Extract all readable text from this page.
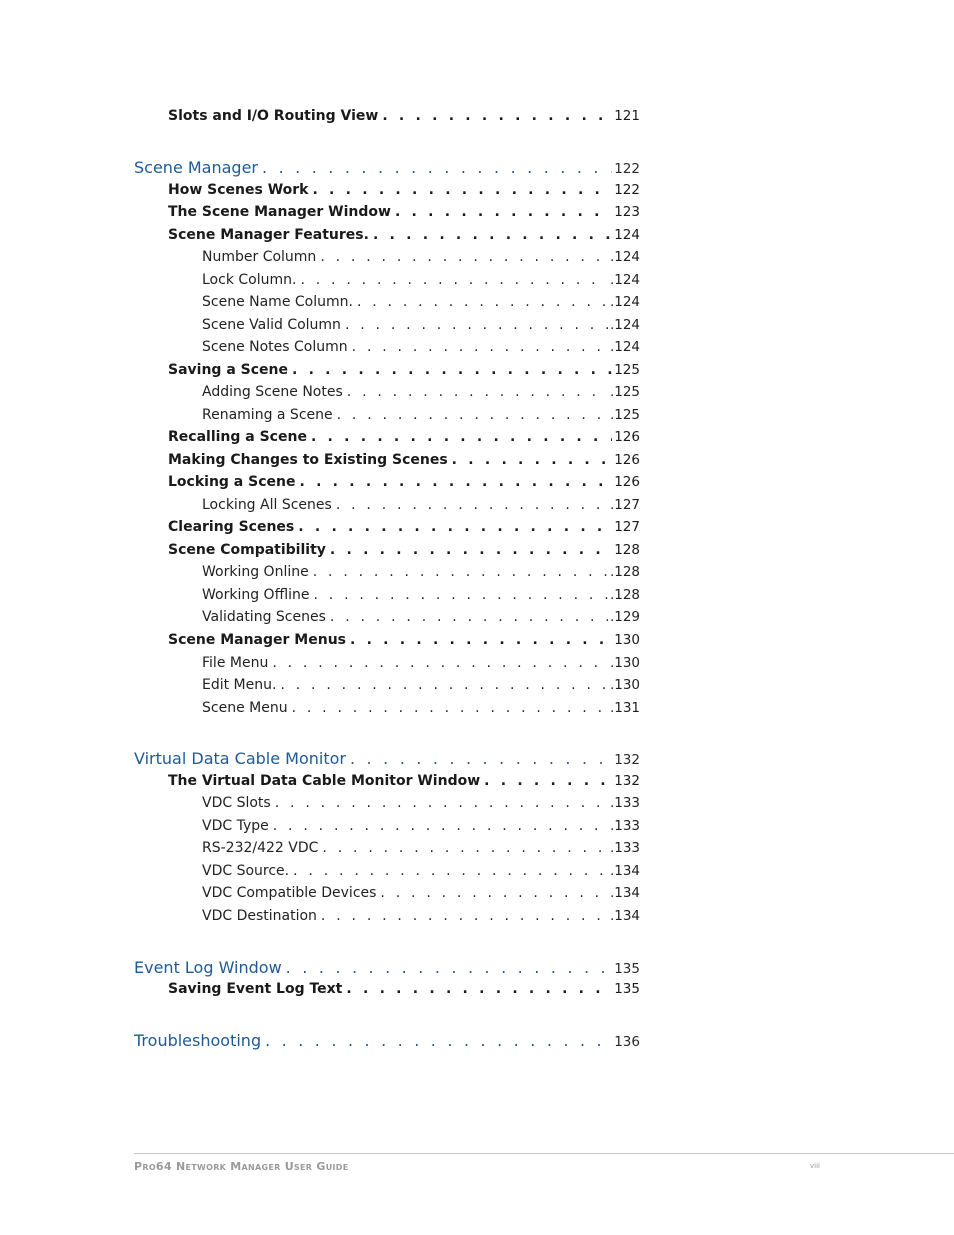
Slots and I/O Routing View . . .	121
Scene Manager . . .	122
How Scenes Work . . .	122
The Scene Manager Window . . .	123
Scene Manager Features. . . .	124
Number Column . . .	.124
Lock Column. . . .	.124
Scene Name Column. . . .	.124
Scene Valid Column . . .	.124
Scene Notes Column . . .	.124
Saving a Scene . . .	125
Adding Scene Notes . . .	.125
Renaming a Scene . . .	.125
Recalling a Scene . . .	126
Making Changes to Existing Scenes . . .	126
Locking a Scene . . .	126
Locking All Scenes . . .	.127
Clearing Scenes . . .	127
Scene Compatibility . . .	128
Working Online . . .	.128
Working Offline . . .	.128
Validating Scenes . . .	.129
Scene Manager Menus . . .	130
File Menu . . .	.130
Edit Menu. . . .	.130
Scene Menu . . .	.131
Virtual Data Cable Monitor . . .	132
The Virtual Data Cable Monitor Window . . .	132
VDC Slots . . .	.133
VDC Type . . .	.133
RS-232/422 VDC . . .	.133
VDC Source. . . .	.134
VDC Compatible Devices . . .	.134
VDC Destination . . .	.134
Event Log Window . . .	135
Saving Event Log Text . . .	135
Troubleshooting . . .	136
Pro64 Network Manager User Guide	viii
